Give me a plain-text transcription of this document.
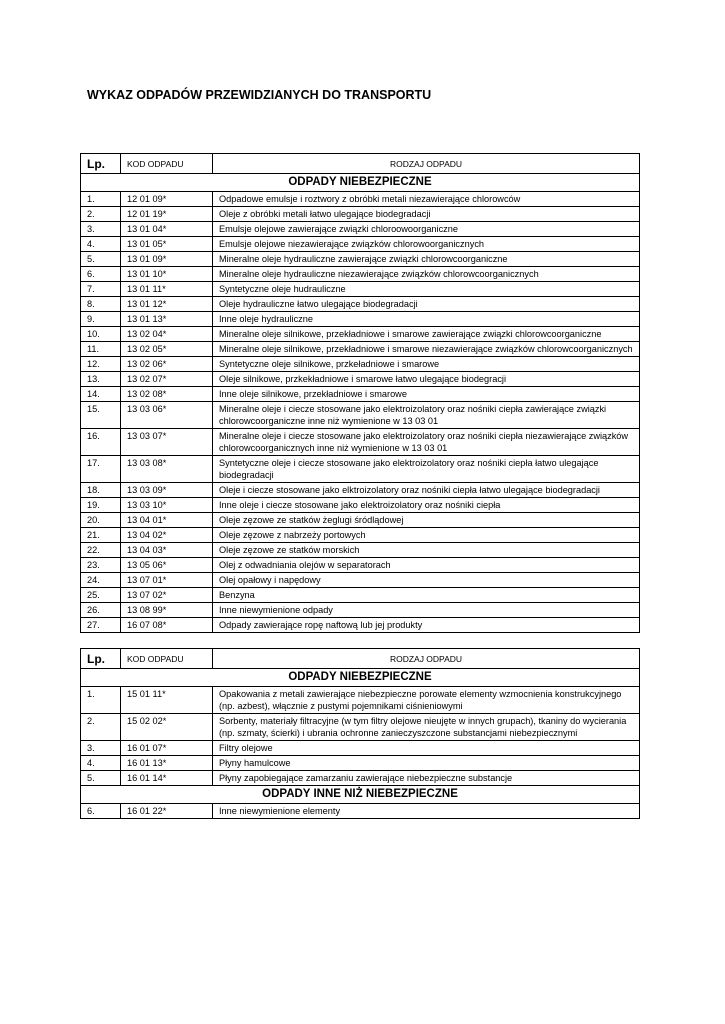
WYKAZ ODPADÓW PRZEWIDZIANYCH DO TRANSPORTU
Lp.	KOD ODPADU	RODZAJ ODPADU
ODPADY NIEBEZPIECZNE		
1.	12 01 09*	Odpadowe emulsje i roztwory z obróbki metali niezawierające chlorowców
2.	12 01 19*	Oleje z obróbki metali łatwo ulegające biodegradacji
3.	13 01 04*	Emulsje olejowe zawierające związki chloroowoorganiczne
4.	13 01 05*	Emulsje olejowe niezawierające związków chlorowoorganicznych
5.	13 01 09*	Mineralne oleje hydrauliczne zawierające związki chlorowcoorganiczne
6.	13 01 10*	Mineralne oleje hydrauliczne niezawierające związków chlorowcoorganicznych
7.	13 01 11*	Syntetyczne oleje hudrauliczne
8.	13 01 12*	Oleje hydrauliczne łatwo ulegające biodegradacji
9.	13 01 13*	Inne oleje hydrauliczne
10.	13 02 04*	Mineralne oleje silnikowe, przekładniowe i smarowe zawierające związki chlorowcoorganiczne
11.	13 02 05*	Mineralne oleje silnikowe, przekładniowe i smarowe niezawierające związków chlorowcoorganicznych
12.	13 02 06*	Syntetyczne oleje silnikowe, przkeładniowe i smarowe
13.	13 02 07*	Oleje silnikowe, przkekładniowe i smarowe łatwo ulegające biodegracji
14.	13 02 08*	Inne oleje silnikowe, przekładniowe i smarowe
15.	13 03 06*	Mineralne oleje i ciecze stosowane jako elektroizolatory oraz nośniki ciepła zawierające związki chlorowcoorganiczne inne niż wymienione w 13 03 01
16.	13 03 07*	Mineralne oleje i ciecze stosowane jako elektroizolatory oraz nośniki ciepła niezawierające związków chlorowcoorganicznych inne niż wymienione w 13 03 01
17.	13 03 08*	Syntetyczne oleje i ciecze stosowane jako elektroizolatory oraz nośniki ciepła łatwo ulegające biodegradacji
18.	13 03 09*	Oleje i ciecze stosowane jako elktroizolatory oraz nośniki ciepła łatwo ulegające biodegradacji
19.	13 03 10*	Inne oleje i ciecze stosowane jako elektroizolatory oraz nośniki ciepła
20.	13 04 01*	Oleje zęzowe ze statków żeglugi śródlądowej
21.	13 04 02*	Oleje zęzowe z nabrzeży portowych
22.	13 04 03*	Oleje zęzowe ze statków morskich
23.	13 05 06*	Olej z odwadniania olejów w separatorach
24.	13 07 01*	Olej opałowy i napędowy
25.	13 07 02*	Benzyna
26.	13 08 99*	Inne niewymienione odpady
27.	16 07 08*	Odpady zawierające ropę naftową lub jej produkty
Lp.	KOD ODPADU	RODZAJ ODPADU
ODPADY NIEBEZPIECZNE		
1.	15 01 11*	Opakowania z metali zawierające niebezpieczne porowate elementy wzmocnienia konstrukcyjnego (np. azbest), włącznie z pustymi pojemnikami ciśnieniowymi
2.	15 02 02*	Sorbenty, materiały filtracyjne (w tym filtry olejowe nieujęte w innych grupach), tkaniny do wycierania (np. szmaty, ścierki) i ubrania ochronne zanieczyszczone substancjami niebezpiecznymi
3.	16 01 07*	Filtry olejowe
4.	16 01 13*	Płyny hamulcowe
5.	16 01 14*	Płyny zapobiegające zamarzaniu zawierające niebezpieczne substancje
ODPADY INNE NIŻ NIEBEZPIECZNE		
6.	16 01 22*	Inne niewymienione elementy
